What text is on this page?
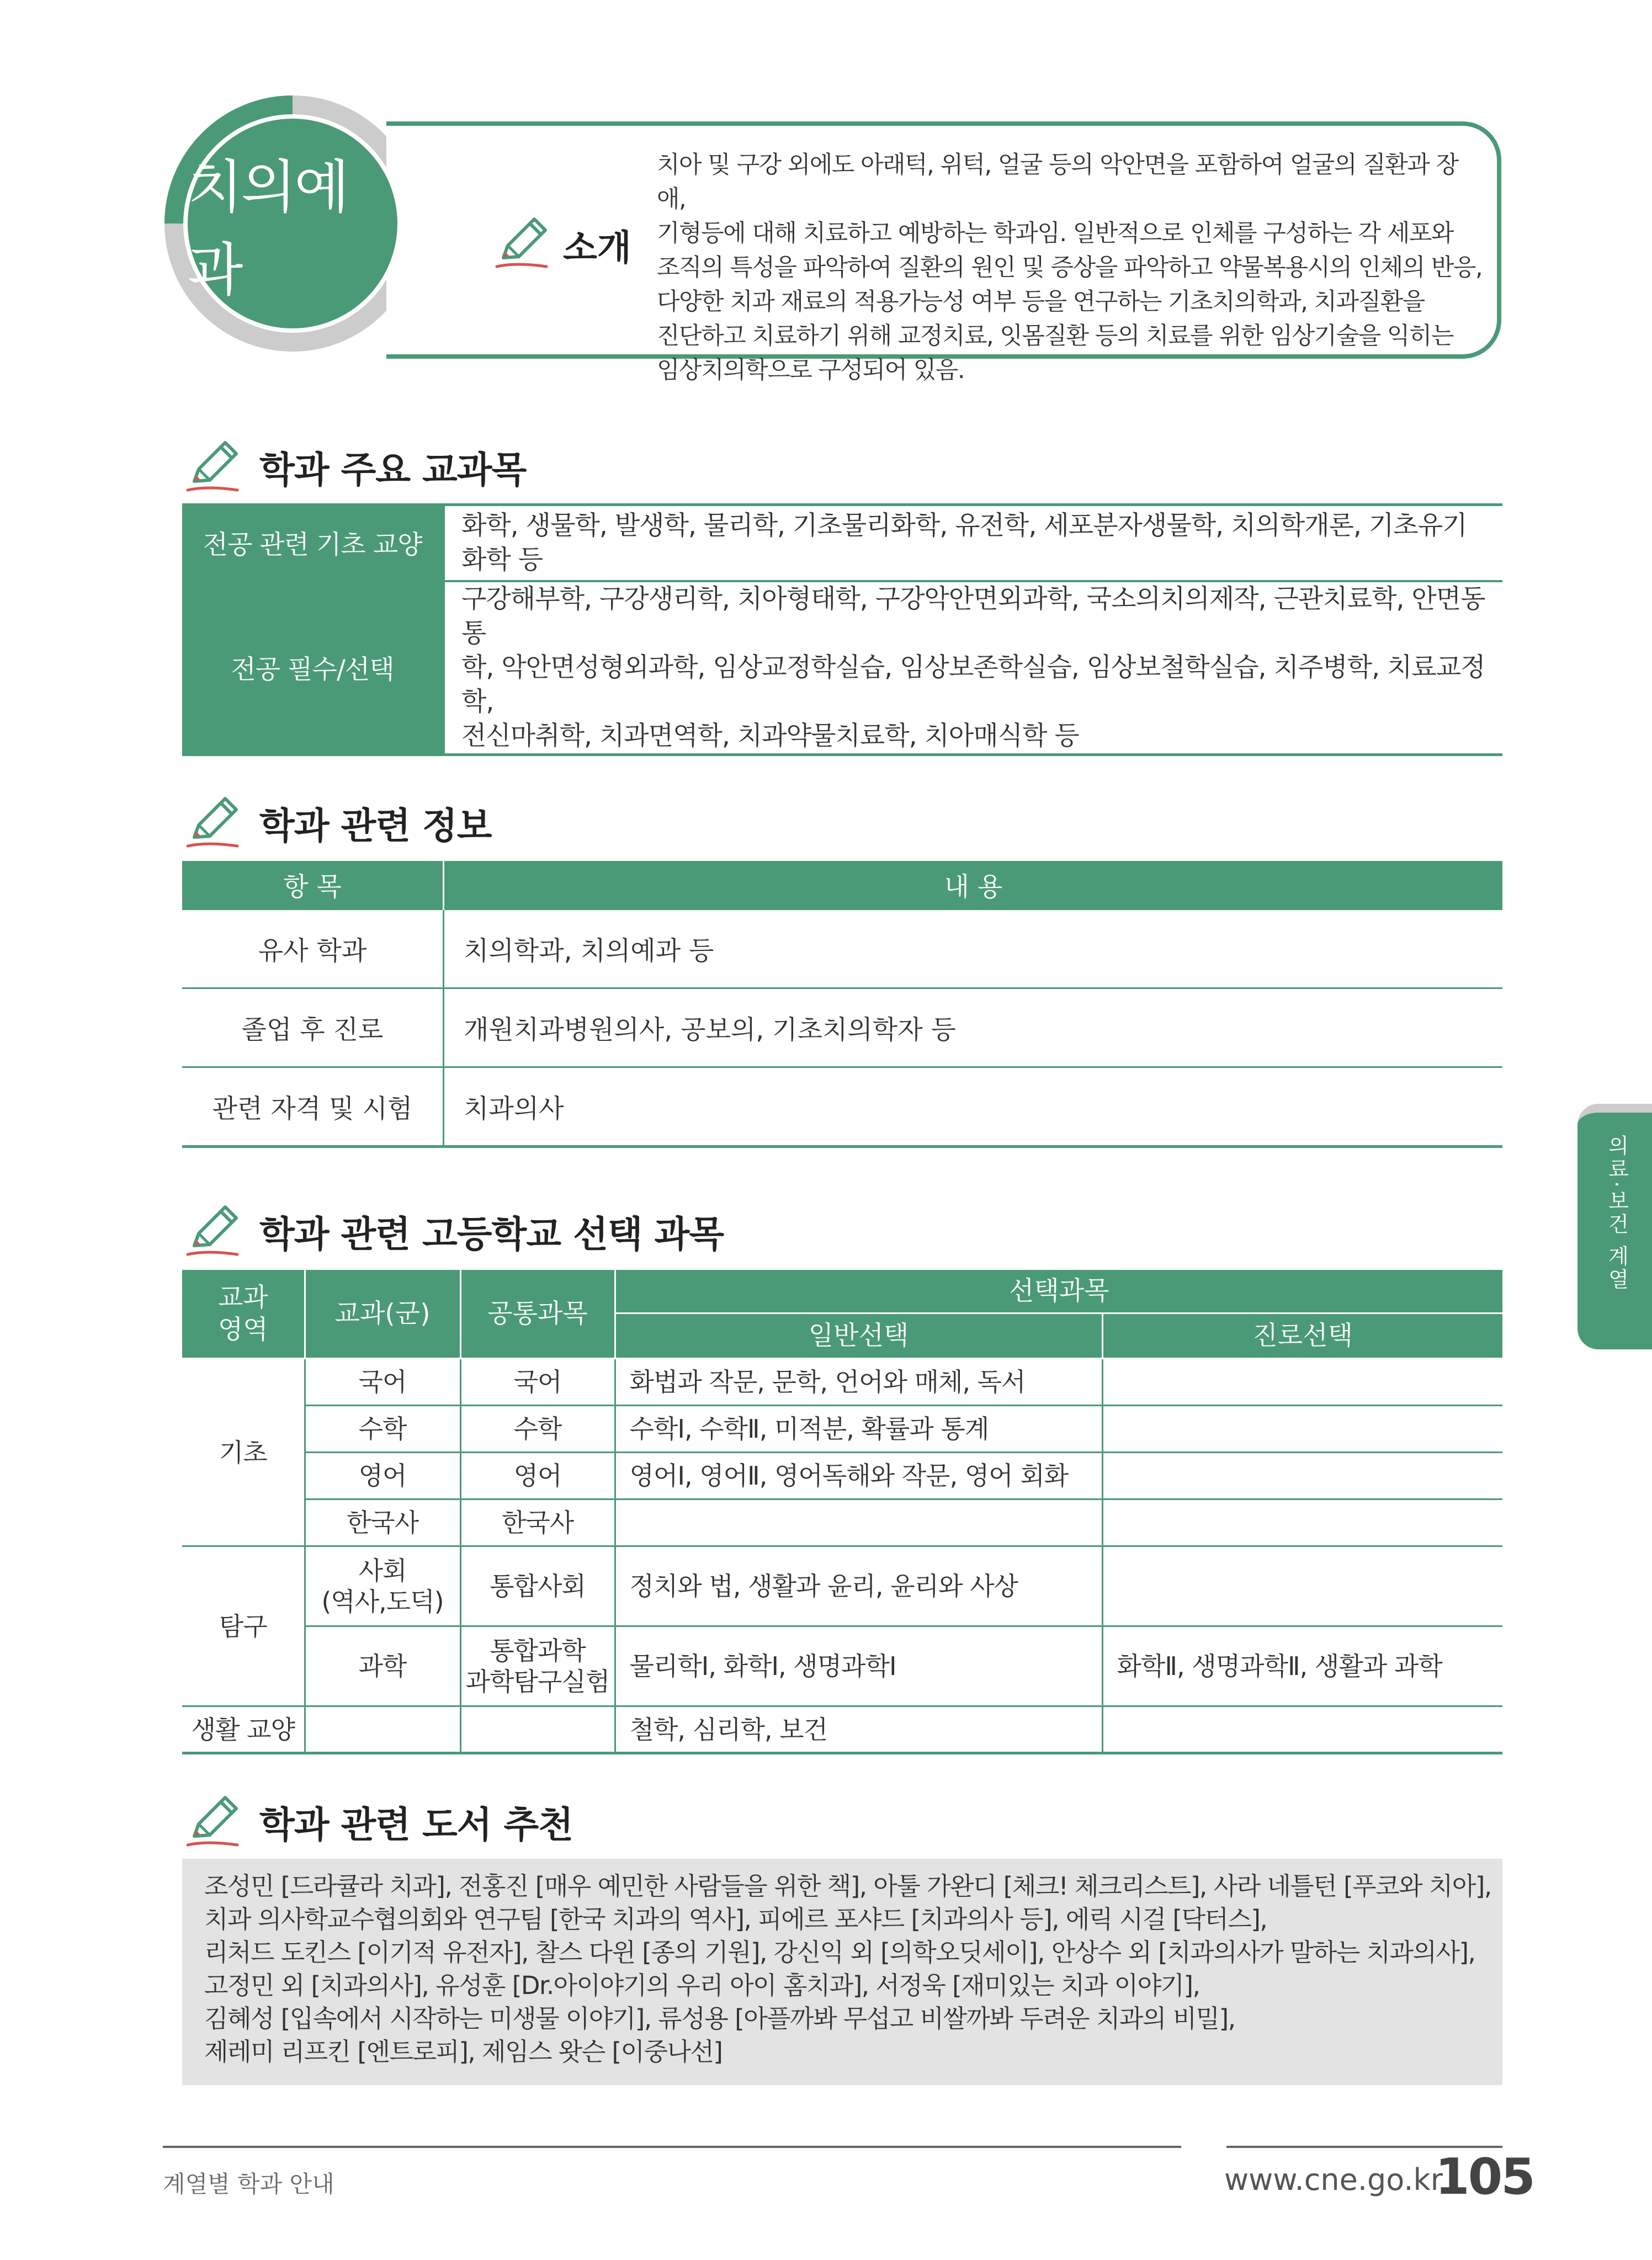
치의예과	소개
치아 및 구강 외에도 아래턱, 위턱, 얼굴 등의 악안면을 포함하여 얼굴의 질환과 장애,
기형등에 대해 치료하고 예방하는 학과임. 일반적으로 인체를 구성하는 각 세포와
조직의 특성을 파악하여 질환의 원인 및 증상을 파악하고 약물복용시의 인체의 반응,
다양한 치과 재료의 적용가능성 여부 등을 연구하는 기초치의학과, 치과질환을
진단하고 치료하기 위해 교정치료, 잇몸질환 등의 치료를 위한 임상기술을 익히는
임상치의학으로 구성되어 있음.
학과 주요 교과목
전공 관련 기초 교양	화학, 생물학, 발생학, 물리학, 기초물리화학, 유전학, 세포분자생물학, 치의학개론, 기초유기화학 등

전공 필수/선택	구강해부학, 구강생리학, 치아형태학, 구강악안면외과학, 국소의치의제작, 근관치료학, 안면동통
학, 악안면성형외과학, 임상교정학실습, 임상보존학실습, 임상보철학실습, 치주병학, 치료교정학,
전신마취학, 치과면역학, 치과약물치료학, 치아매식학 등
학과 관련 정보
항 목	내 용
유사 학과	치의학과, 치의예과 등
졸업 후 진로	개원치과병원의사, 공보의, 기초치의학자 등
관련 자격 및 시험	치과의사
학과 관련 고등학교 선택 과목
교과
영역	교과(군)	공통과목	선택과목	
			일반선택	진로선택
기초	국어	국어	화법과 작문, 문학, 언어와 매체, 독서	
	수학	수학	수학Ⅰ, 수학Ⅱ, 미적분, 확률과 통계	
	영어	영어	영어Ⅰ, 영어Ⅱ, 영어독해와 작문, 영어 회화	
	한국사	한국사		
탐구	사회
(역사,도덕)	통합사회	정치와 법, 생활과 윤리, 윤리와 사상	
	과학	통합과학
과학탐구실험	물리학Ⅰ, 화학Ⅰ, 생명과학Ⅰ	화학Ⅱ, 생명과학Ⅱ, 생활과 과학
생활 교양			철학, 심리학, 보건	
학과 관련 도서 추천
조성민 [드라큘라 치과], 전홍진 [매우 예민한 사람들을 위한 책], 아툴 가완디 [체크! 체크리스트], 사라 네틀턴 [푸코와 치아],
치과 의사학교수협의회와 연구팀 [한국 치과의 역사], 피에르 포샤드 [치과의사 등], 에릭 시걸 [닥터스],
리처드 도킨스 [이기적 유전자], 찰스 다윈 [종의 기원], 강신익 외 [의학오딧세이], 안상수 외 [치과의사가 말하는 치과의사],
고정민 외 [치과의사], 유성훈 [Dr.아이야기의 우리 아이 홈치과], 서정욱 [재미있는 치과 이야기],
김혜성 [입속에서 시작하는 미생물 이야기], 류성용 [아플까봐 무섭고 비쌀까봐 두려운 치과의 비밀],
제레미 리프킨 [엔트로피], 제임스 왓슨 [이중나선]
의료·보건 계열
계열별 학과 안내	www.cne.go.kr
105
